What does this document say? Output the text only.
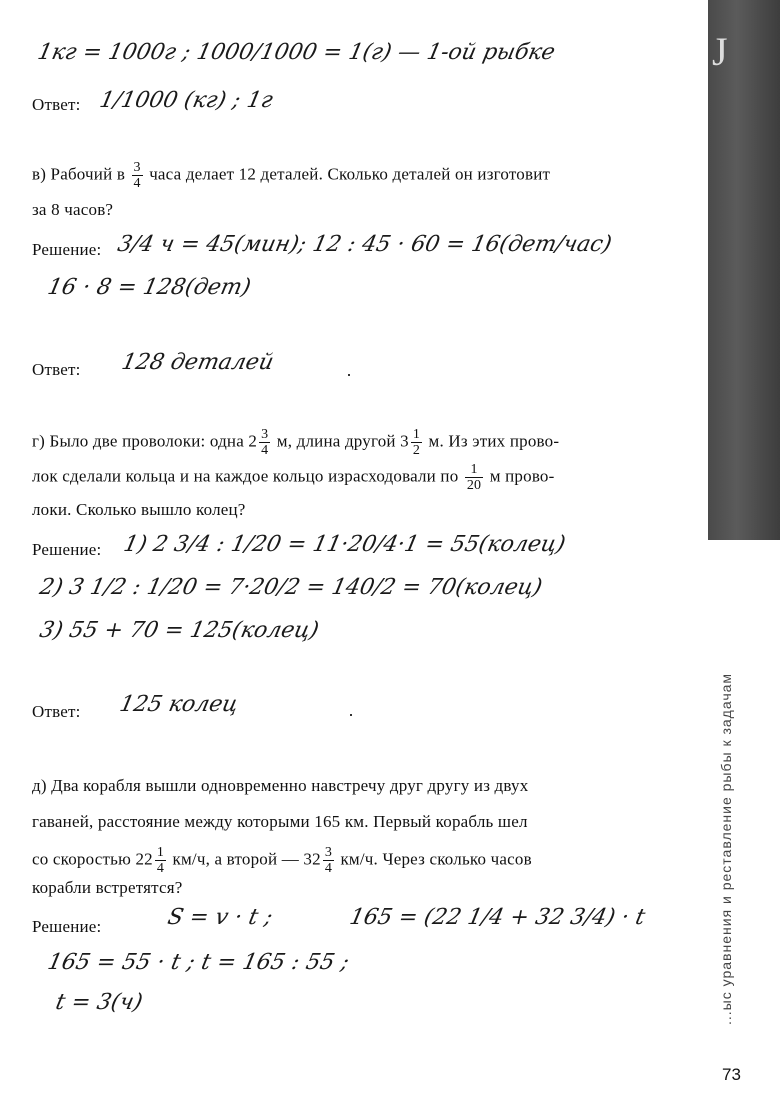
J
...ыс уравнения и реставление рыбы к задачам
1кг = 1000г ; 1000/1000 = 1(г) — 1-ой рыбке
Ответ: 1/1000 (кг) ; 1г
в) Рабочий в $\frac{3}{4}$ часа делает 12 деталей. Сколько деталей он изготовит
за 8 часов?
Решение: 3/4 ч = 45(мин); 12 : 45 · 60 = 16(дет/час)
16 · 8 = 128(дет)
Ответ: 128 деталей
г) Было две проволоки: одна $2 \frac{3}{4} м$, длина другой $3 \frac{1}{2} м$. Из этих прово-
лок сделали кольца и на каждое кольцо израсходовали по $\frac{1}{20}$ м прово-
локи. Сколько вышло колец?
Решение: 1) 2 3/4 : 1/20 = 11·20/4·1 = 55(колец)
2) 3 1/2 : 1/20 = 7·20/2 = 140/2 = 70(колец)
3) 55 + 70 = 125(колец)
Ответ: 125 колец
д) Два корабля вышли одновременно навстречу друг другу из двух
гаваней, расстояние между которыми 165 км. Первый корабль шел
со скоростью $22 \frac{1}{4} км/ч$, а второй — $32 \frac{3}{4} км/ч$. Через сколько часов
корабли встретятся?
Решение:	S = v · t ;	165 = (22 1/4 + 32 3/4) · t
165 = 55 · t ; t = 165 : 55 ;
t = 3(ч)
73
